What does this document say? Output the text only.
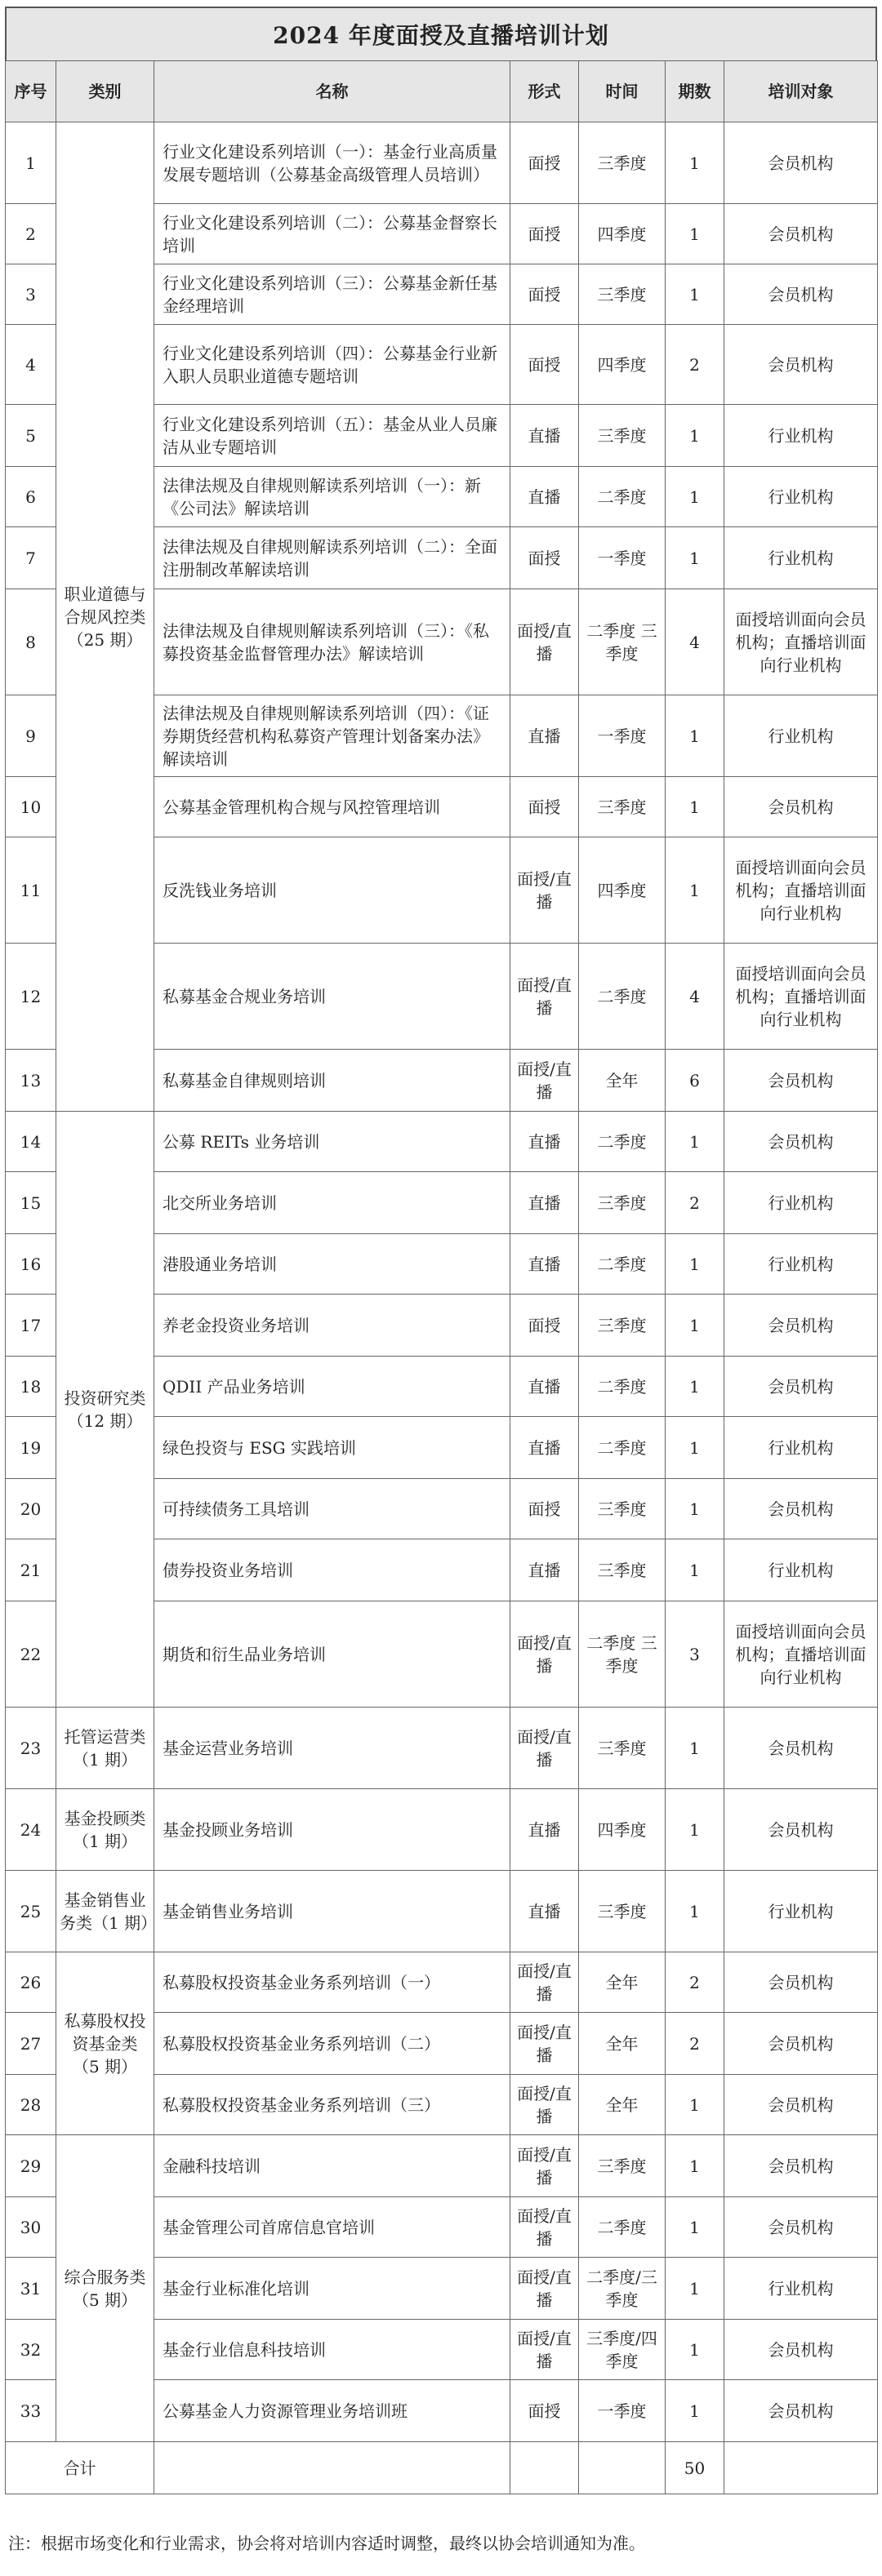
2024 年度面授及直播培训计划
序号	类别	名称	形式	时间	期数	培训对象
1	职业道德与合规风控类（25 期）	行业文化建设系列培训（一）：基金行业高质量发展专题培训（公募基金高级管理人员培训）	面授	三季度	1	会员机构
2		行业文化建设系列培训（二）：公募基金督察长培训	面授	四季度	1	会员机构
3		行业文化建设系列培训（三）：公募基金新任基金经理培训	面授	三季度	1	会员机构
4		行业文化建设系列培训（四）：公募基金行业新入职人员职业道德专题培训	面授	四季度	2	会员机构
5		行业文化建设系列培训（五）：基金从业人员廉洁从业专题培训	直播	三季度	1	行业机构
6		法律法规及自律规则解读系列培训（一）：新《公司法》解读培训	直播	二季度	1	行业机构
7		法律法规及自律规则解读系列培训（二）：全面注册制改革解读培训	面授	一季度	1	行业机构
8		法律法规及自律规则解读系列培训（三）：《私募投资基金监督管理办法》解读培训	面授/直播	二季度 三季度	4	面授培训面向会员机构；直播培训面向行业机构
9		法律法规及自律规则解读系列培训（四）：《证券期货经营机构私募资产管理计划备案办法》解读培训	直播	一季度	1	行业机构
10		公募基金管理机构合规与风控管理培训	面授	三季度	1	会员机构
11		反洗钱业务培训	面授/直播	四季度	1	面授培训面向会员机构；直播培训面向行业机构
12		私募基金合规业务培训	面授/直播	二季度	4	面授培训面向会员机构；直播培训面向行业机构
13		私募基金自律规则培训	面授/直播	全年	6	会员机构
14	投资研究类（12 期）	公募 REITs 业务培训	直播	二季度	1	会员机构
15		北交所业务培训	直播	三季度	2	行业机构
16		港股通业务培训	直播	二季度	1	行业机构
17		养老金投资业务培训	面授	三季度	1	会员机构
18		QDII 产品业务培训	直播	二季度	1	会员机构
19		绿色投资与 ESG 实践培训	直播	二季度	1	行业机构
20		可持续债务工具培训	面授	三季度	1	会员机构
21		债券投资业务培训	直播	三季度	1	行业机构
22		期货和衍生品业务培训	面授/直播	二季度 三季度	3	面授培训面向会员机构；直播培训面向行业机构
23	托管运营类（1 期）	基金运营业务培训	面授/直播	三季度	1	会员机构
24	基金投顾类（1 期）	基金投顾业务培训	直播	四季度	1	会员机构
25	基金销售业务类（1 期）	基金销售业务培训	直播	三季度	1	行业机构
26	私募股权投资基金类（5 期）	私募股权投资基金业务系列培训（一）	面授/直播	全年	2	会员机构
27		私募股权投资基金业务系列培训（二）	面授/直播	全年	2	会员机构
28		私募股权投资基金业务系列培训（三）	面授/直播	全年	1	会员机构
29	综合服务类（5 期）	金融科技培训	面授/直播	三季度	1	会员机构
30		基金管理公司首席信息官培训	面授/直播	二季度	1	会员机构
31		基金行业标准化培训	面授/直播	二季度/三季度	1	行业机构
32		基金行业信息科技培训	面授/直播	三季度/四季度	1	会员机构
33		公募基金人力资源管理业务培训班	面授	一季度	1	会员机构
合计					50	
注：根据市场变化和行业需求，协会将对培训内容适时调整，最终以协会培训通知为准。
